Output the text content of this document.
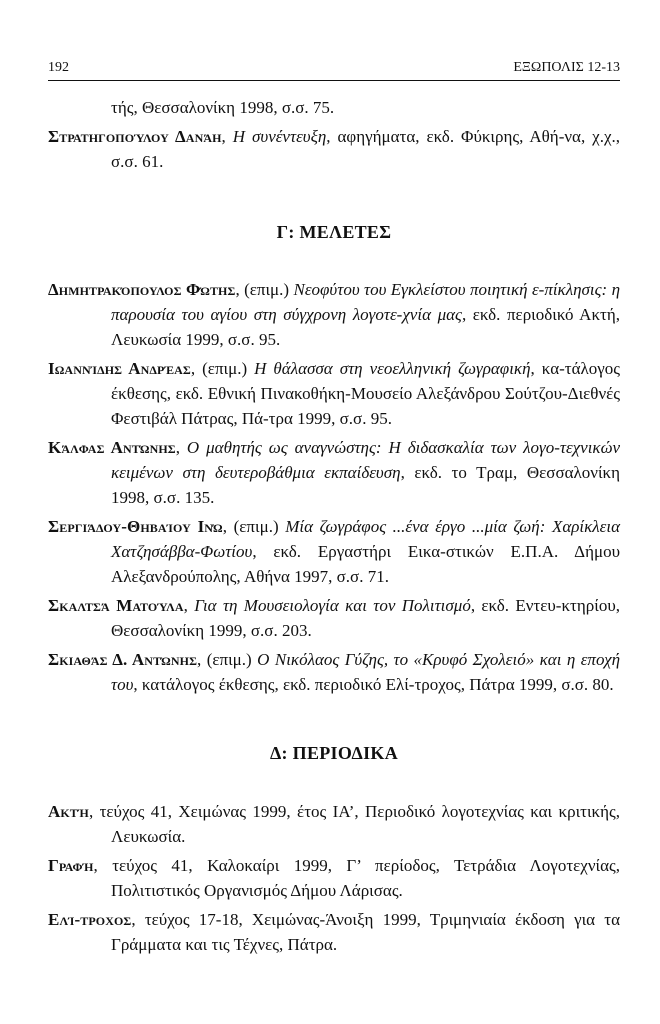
192	ΕΞΩΠΟΛΙΣ 12-13

τής, Θεσσαλονίκη 1998, σ.σ. 75.

Στρατηγοπούλου Δανάη, Η συνέντευξη, αφηγήματα, εκδ. Φύκιρης, Αθή-να, χ.χ., σ.σ. 61.

Γ: ΜΕΛΕΤΕΣ

Δημητρακόπουλος Φώτης, (επιμ.) Νεοφύτου του Εγκλείστου ποιητική ε-πίκλησις: η παρουσία του αγίου στη σύγχρονη λογοτε-χνία μας, εκδ. περιοδικό Ακτή, Λευκωσία 1999, σ.σ. 95.

Ιωαννίδης Ανδρέας, (επιμ.) Η θάλασσα στη νεοελληνική ζωγραφική, κα-τάλογος έκθεσης, εκδ. Εθνική Πινακοθήκη-Μουσείο Αλεξάνδρου Σούτζου-Διεθνές Φεστιβάλ Πάτρας, Πά-τρα 1999, σ.σ. 95.

Κάλφας Αντώνης, Ο μαθητής ως αναγνώστης: Η διδασκαλία των λογο-τεχνικών κειμένων στη δευτεροβάθμια εκπαίδευση, εκδ. το Τραμ, Θεσσαλονίκη 1998, σ.σ. 135.

Σεργιάδου-Θηβαίου Ινώ, (επιμ.) Μία ζωγράφος ...ένα έργο ...μία ζωή: Χαρίκλεια Χατζησάββα-Φωτίου, εκδ. Εργαστήρι Εικα-στικών Ε.Π.Α. Δήμου Αλεξανδρούπολης, Αθήνα 1997, σ.σ. 71.

Σκαλτσά Ματούλα, Για τη Μουσειολογία και τον Πολιτισμό, εκδ. Εντευ-κτηρίου, Θεσσαλονίκη 1999, σ.σ. 203.

Σκιαθάς Δ. Αντώνης, (επιμ.) Ο Νικόλαος Γύζης, το «Κρυφό Σχολειό» και η εποχή του, κατάλογος έκθεσης, εκδ. περιοδικό Ελί-τροχος, Πάτρα 1999, σ.σ. 80.

Δ: ΠΕΡΙΟΔΙΚΑ

Ακτή, τεύχος 41, Χειμώνας 1999, έτος ΙΑ’, Περιοδικό λογοτεχνίας και κριτικής, Λευκωσία.

Γραφή, τεύχος 41, Καλοκαίρι 1999, Γ’ περίοδος, Τετράδια Λογοτεχνίας, Πολιτιστικός Οργανισμός Δήμου Λάρισας.

Ελί-τροχος, τεύχος 17-18, Χειμώνας-Άνοιξη 1999, Τριμηνιαία έκδοση για τα Γράμματα και τις Τέχνες, Πάτρα.
